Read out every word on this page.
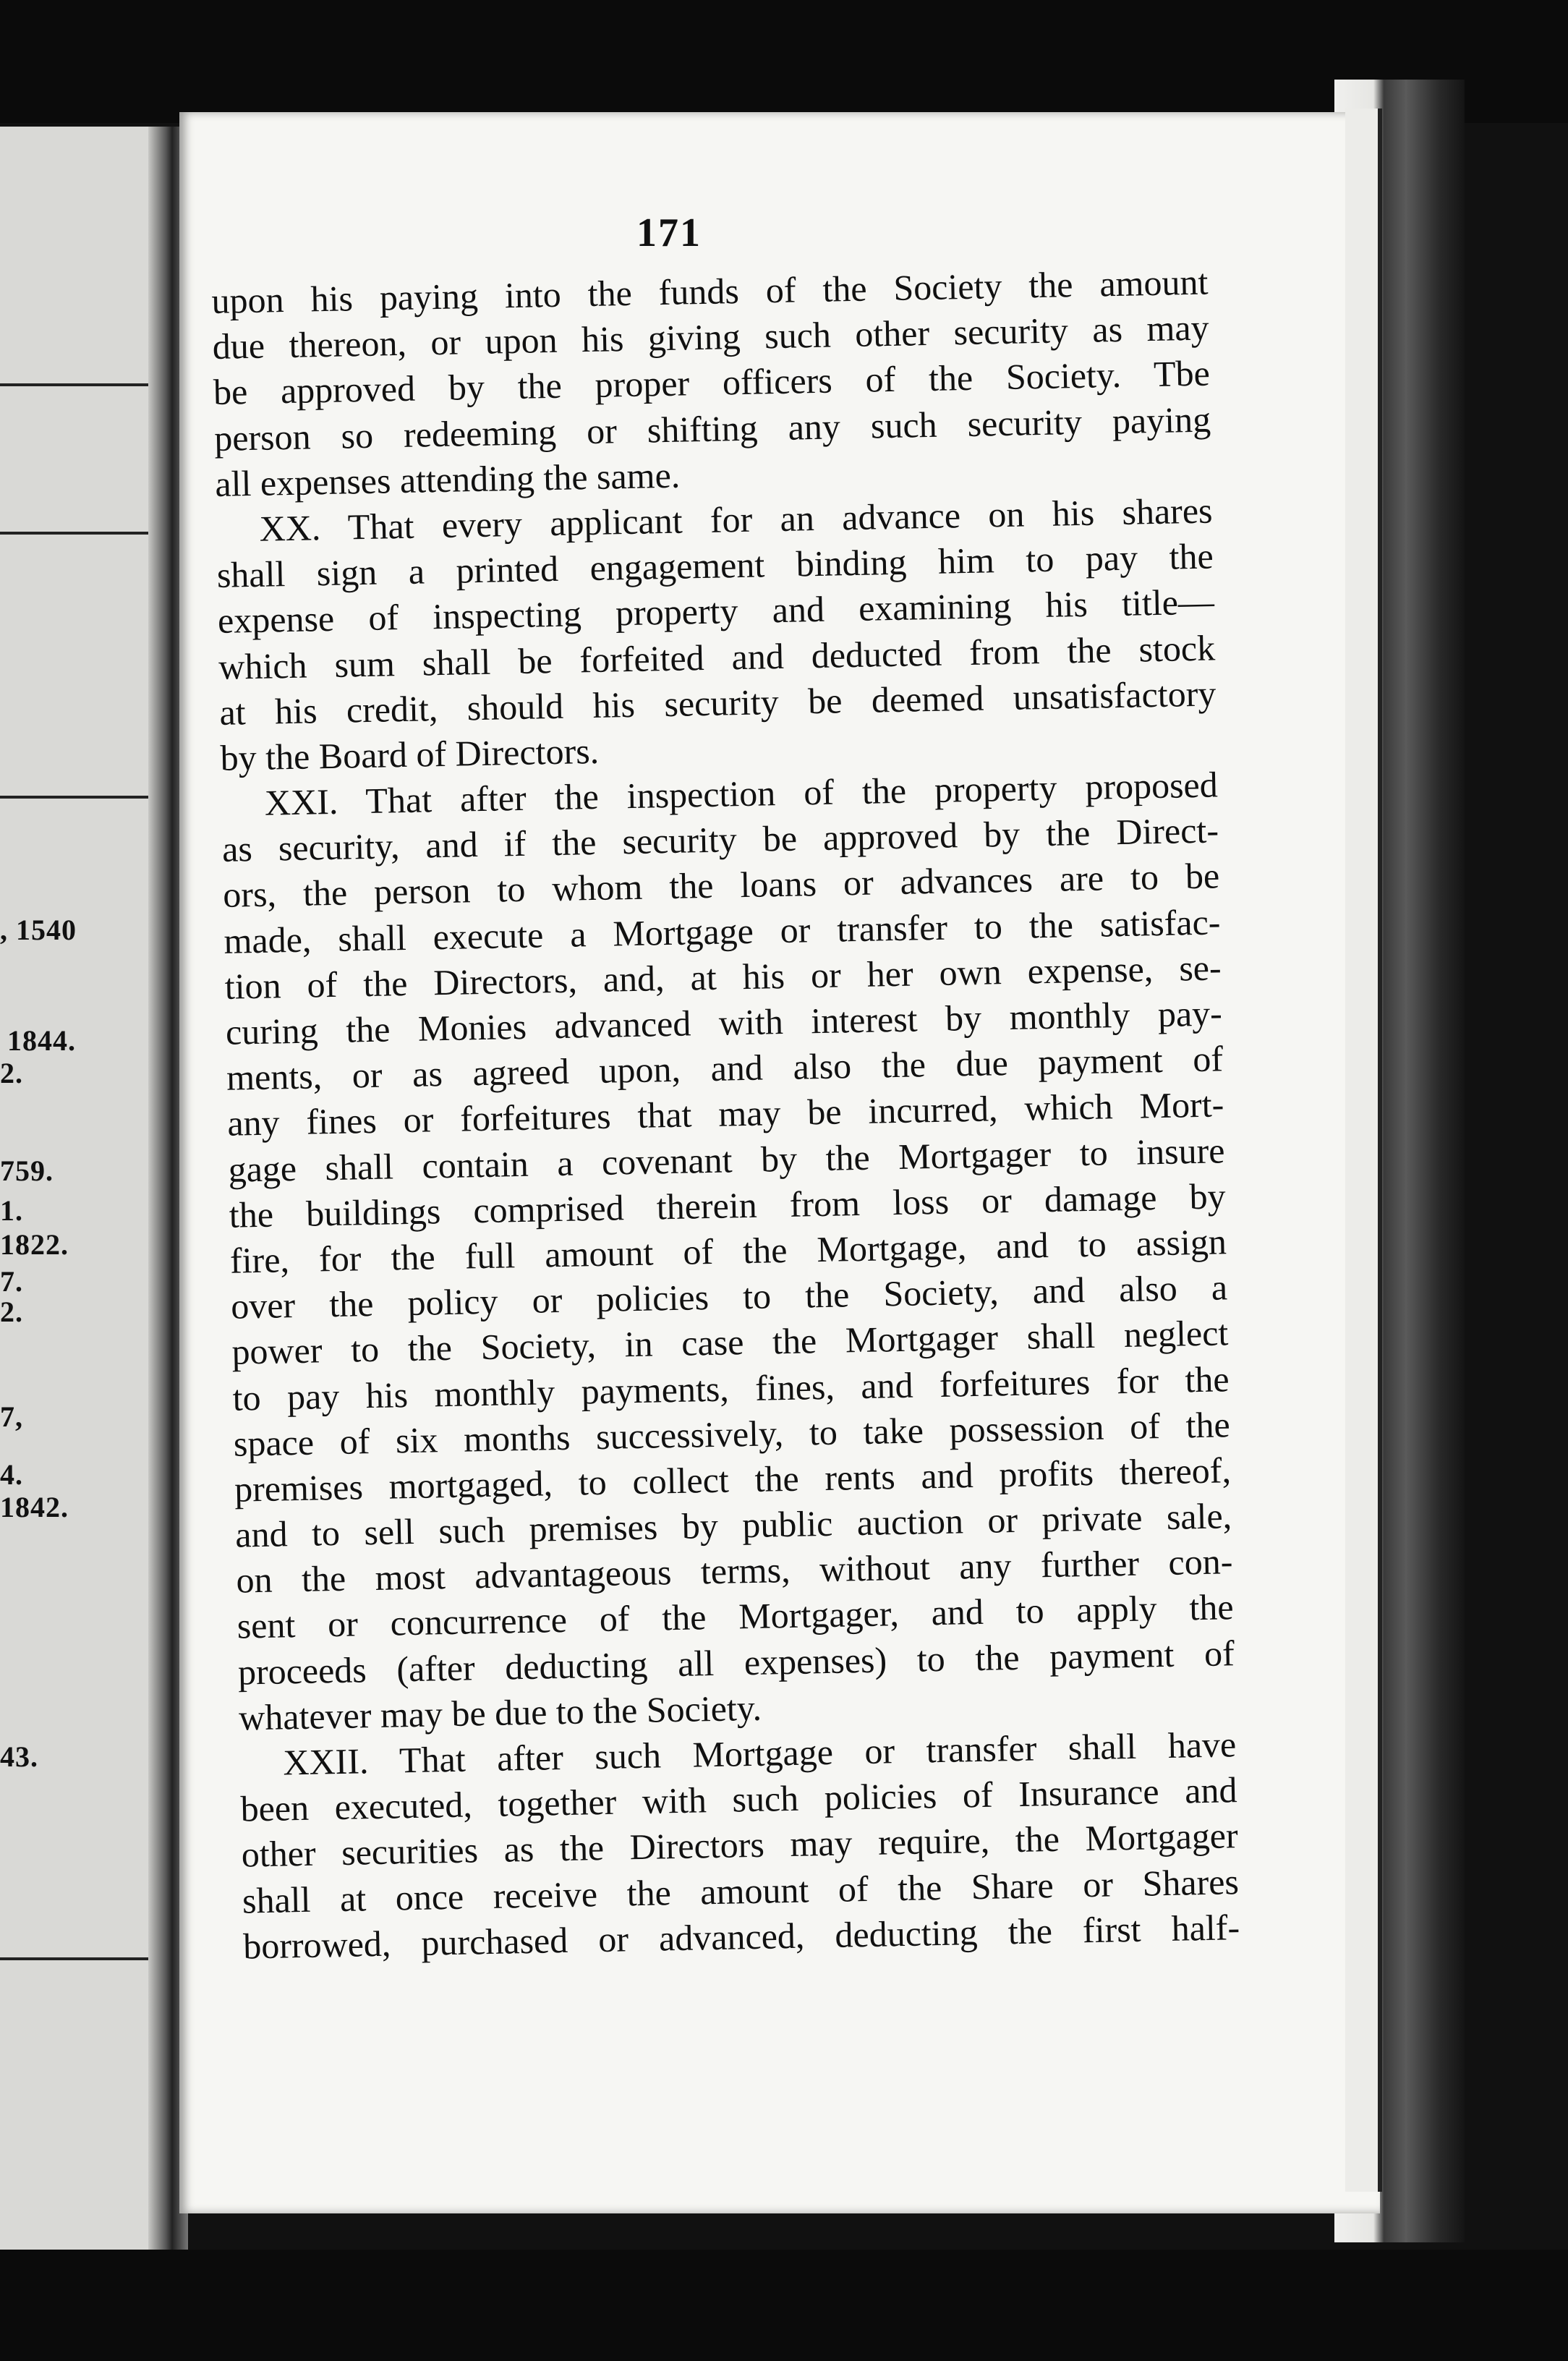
, 1540
1844.
2.
759.
1.
1822.
7.
2.
7,
4.
1842.
43.
171
upon his paying into the funds of the Society the amount
due thereon, or upon his giving such other security as may
be approved by the proper officers of the Society. Tbe
person so redeeming or shifting any such security paying
all expenses attending the same.
XX. That every applicant for an advance on his shares
shall sign a printed engagement binding him to pay the
expense of inspecting property and examining his title—
which sum shall be forfeited and deducted from the stock
at his credit, should his security be deemed unsatisfactory
by the Board of Directors.
XXI. That after the inspection of the property proposed
as security, and if the security be approved by the Direct-
ors, the person to whom the loans or advances are to be
made, shall execute a Mortgage or transfer to the satisfac-
tion of the Directors, and, at his or her own expense, se-
curing the Monies advanced with interest by monthly pay-
ments, or as agreed upon, and also the due payment of
any fines or forfeitures that may be incurred, which Mort-
gage shall contain a covenant by the Mortgager to insure
the buildings comprised therein from loss or damage by
fire, for the full amount of the Mortgage, and to assign
over the policy or policies to the Society, and also a
power to the Society, in case the Mortgager shall neglect
to pay his monthly payments, fines, and forfeitures for the
space of six months successively, to take possession of the
premises mortgaged, to collect the rents and profits thereof,
and to sell such premises by public auction or private sale,
on the most advantageous terms, without any further con-
sent or concurrence of the Mortgager, and to apply the
proceeds (after deducting all expenses) to the payment of
whatever may be due to the Society.
XXII. That after such Mortgage or transfer shall have
been executed, together with such policies of Insurance and
other securities as the Directors may require, the Mortgager
shall at once receive the amount of the Share or Shares
borrowed, purchased or advanced, deducting the first half-
